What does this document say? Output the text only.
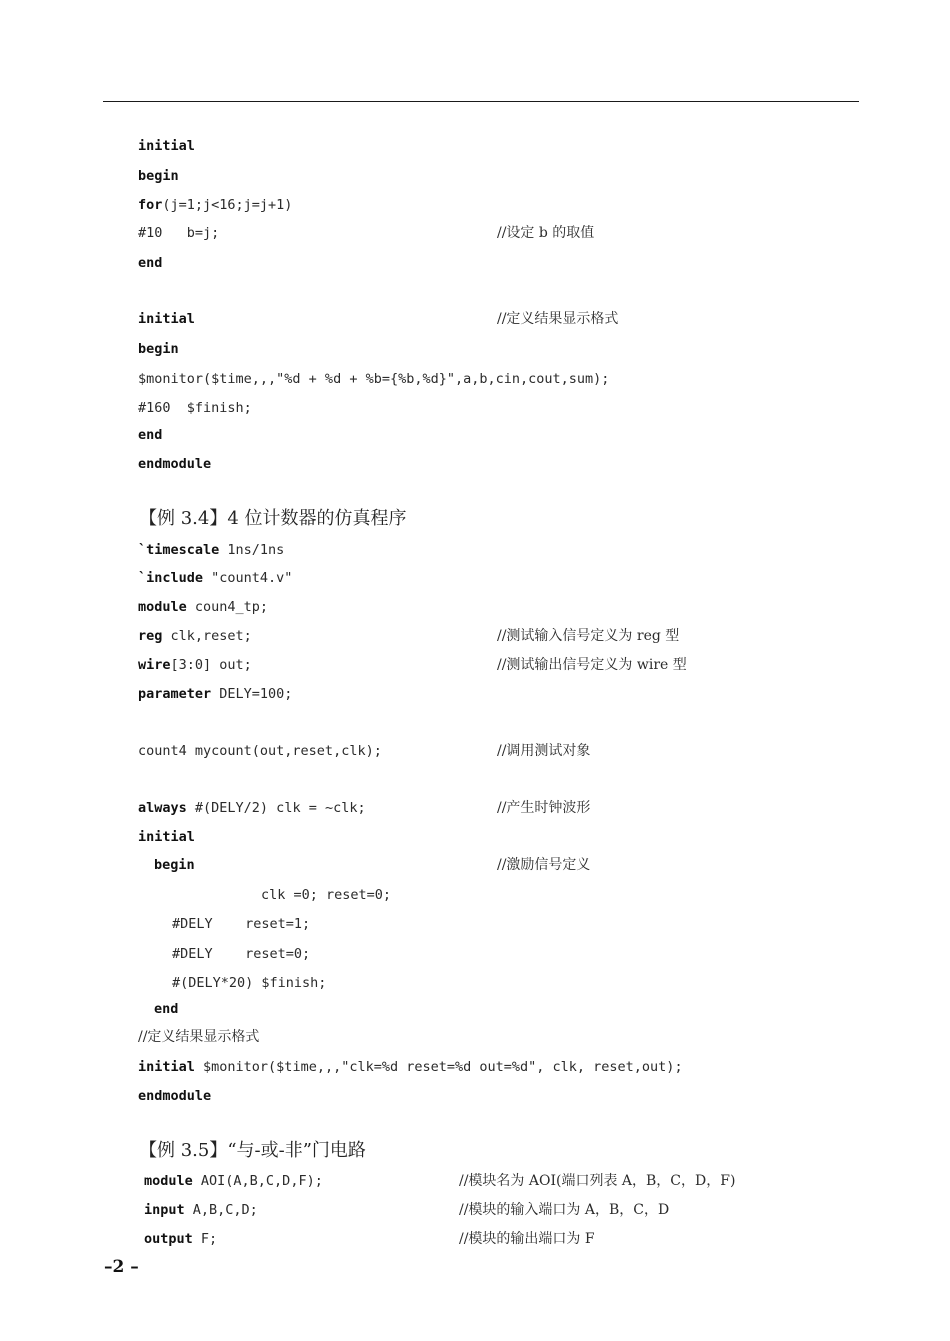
initial
begin
for(j=1;j<16;j=j+1)
#10   b=j;	//设定 b 的取值
end
initial	//定义结果显示格式
begin
$monitor($time,,,"%d + %d + %b={%b,%d}",a,b,cin,cout,sum);
#160  $finish;
end
endmodule
【例 3.4】4 位计数器的仿真程序
`timescale 1ns/1ns
`include "count4.v"
module coun4_tp;
reg clk,reset;	//测试输入信号定义为 reg 型
wire[3:0] out;	//测试输出信号定义为 wire 型
parameter DELY=100;
count4 mycount(out,reset,clk);	//调用测试对象
always #(DELY/2) clk = ~clk;	//产生时钟波形
initial
begin	//激励信号定义
clk =0; reset=0;
#DELY    reset=1;
#DELY    reset=0;
#(DELY*20) $finish;
end
//定义结果显示格式
initial $monitor($time,,,"clk=%d reset=%d out=%d", clk, reset,out);
endmodule
【例 3.5】“与-或-非”门电路
module AOI(A,B,C,D,F);	//模块名为 AOI(端口列表 A，B，C，D，F)
input A,B,C,D;	//模块的输入端口为 A，B，C，D
output F;	//模块的输出端口为 F
–2 –
